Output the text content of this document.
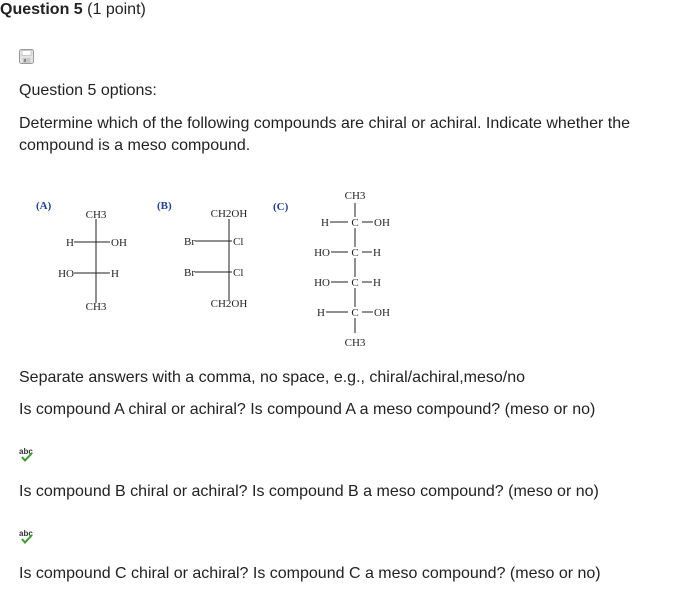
Question 5 (1 point)
Question 5 options:
Determine which of the following compounds are chiral or achiral. Indicate whether the compound is a meso compound.
(A)	(B)	(C)
CH3
H	OH
HO	H
CH3
CH2OH
Br	Cl
Br	Cl
CH2OH
CH3
H C OH
HO C H
HO C H
H C OH
CH3
Separate answers with a comma, no space, e.g., chiral/achiral,meso/no
Is compound A chiral or achiral? Is compound A a meso compound? (meso or no)
abc
Is compound B chiral or achiral? Is compound B a meso compound? (meso or no)
abc
Is compound C chiral or achiral? Is compound C a meso compound? (meso or no)
